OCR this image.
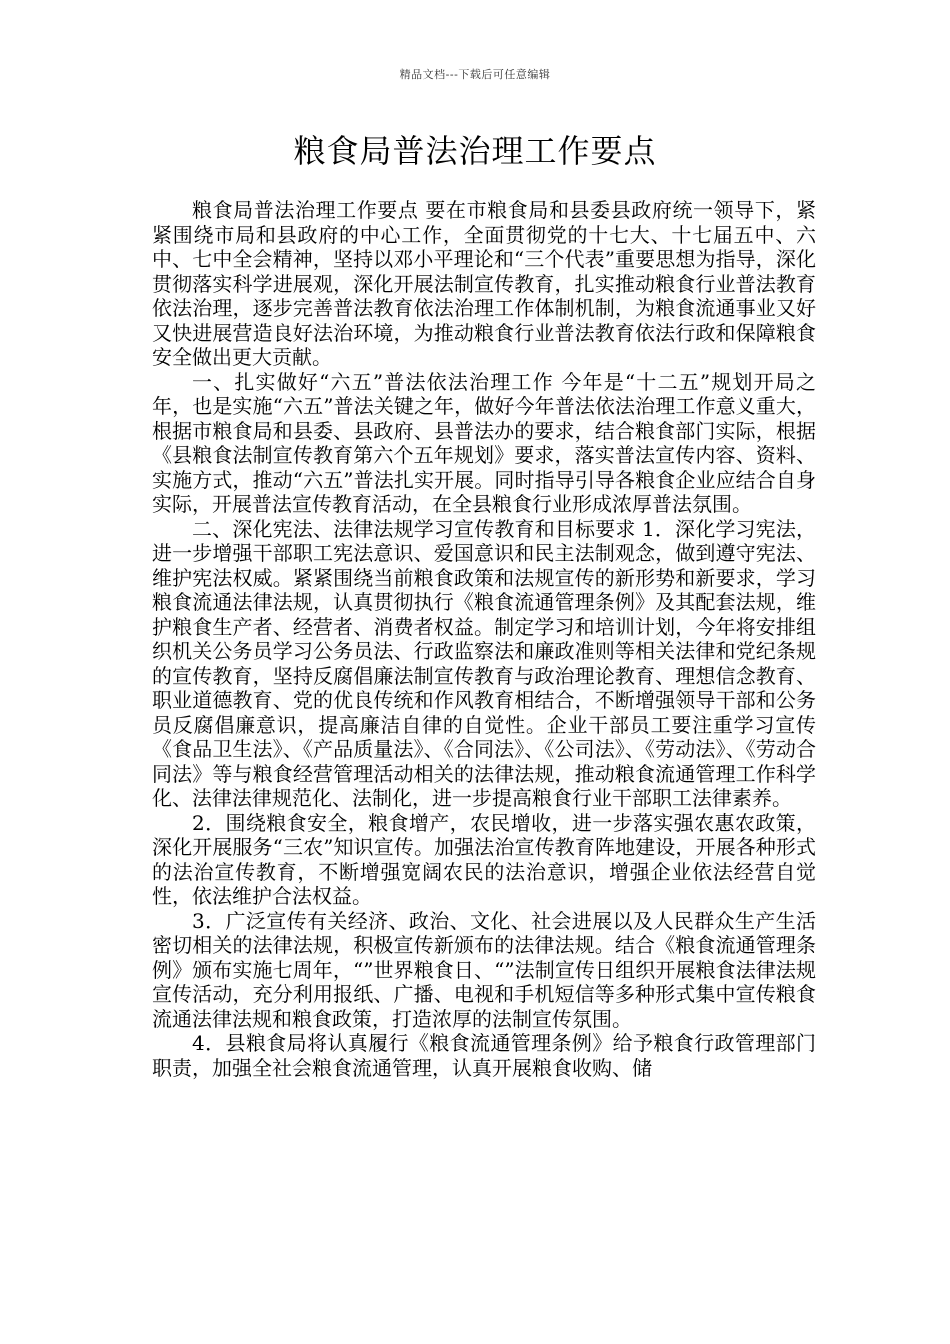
精品文档---下载后可任意编辑
粮食局普法治理工作要点

粮食局普法治理工作要点 要在市粮食局和县委县政府统一领导下，紧紧围绕市局和县政府的中心工作，全面贯彻党的十七大、十七届五中、六中、七中全会精神，坚持以邓小平理论和“三个代表”重要思想为指导，深化贯彻落实科学进展观，深化开展法制宣传教育，扎实推动粮食行业普法教育依法治理，逐步完善普法教育依法治理工作体制机制，为粮食流通事业又好又快进展营造良好法治环境，为推动粮食行业普法教育依法行政和保障粮食安全做出更大贡献。

一、扎实做好“六五”普法依法治理工作 今年是“十二五”规划开局之年，也是实施“六五”普法关键之年，做好今年普法依法治理工作意义重大，根据市粮食局和县委、县政府、县普法办的要求，结合粮食部门实际，根据《县粮食法制宣传教育第六个五年规划》要求，落实普法宣传内容、资料、实施方式，推动“六五”普法扎实开展。同时指导引导各粮食企业应结合自身实际，开展普法宣传教育活动，在全县粮食行业形成浓厚普法氛围。

二、深化宪法、法律法规学习宣传教育和目标要求 1．深化学习宪法，进一步增强干部职工宪法意识、爱国意识和民主法制观念，做到遵守宪法、维护宪法权威。紧紧围绕当前粮食政策和法规宣传的新形势和新要求，学习粮食流通法律法规，认真贯彻执行《粮食流通管理条例》及其配套法规，维护粮食生产者、经营者、消费者权益。制定学习和培训计划，今年将安排组织机关公务员学习公务员法、行政监察法和廉政准则等相关法律和党纪条规的宣传教育，坚持反腐倡廉法制宣传教育与政治理论教育、理想信念教育、职业道德教育、党的优良传统和作风教育相结合，不断增强领导干部和公务员反腐倡廉意识，提高廉洁自律的自觉性。企业干部员工要注重学习宣传《食品卫生法》、《产品质量法》、《合同法》、《公司法》、《劳动法》、《劳动合同法》等与粮食经营管理活动相关的法律法规，推动粮食流通管理工作科学化、法律法律规范化、法制化，进一步提高粮食行业干部职工法律素养。

2．围绕粮食安全，粮食增产，农民增收，进一步落实强农惠农政策，深化开展服务“三农”知识宣传。加强法治宣传教育阵地建设，开展各种形式的法治宣传教育，不断增强宽阔农民的法治意识，增强企业依法经营自觉性，依法维护合法权益。

3．广泛宣传有关经济、政治、文化、社会进展以及人民群众生产生活密切相关的法律法规，积极宣传新颁布的法律法规。结合《粮食流通管理条例》颁布实施七周年，“”世界粮食日、“”法制宣传日组织开展粮食法律法规宣传活动，充分利用报纸、广播、电视和手机短信等多种形式集中宣传粮食流通法律法规和粮食政策，打造浓厚的法制宣传氛围。

4．县粮食局将认真履行《粮食流通管理条例》给予粮食行政管理部门职责，加强全社会粮食流通管理，认真开展粮食收购、储
